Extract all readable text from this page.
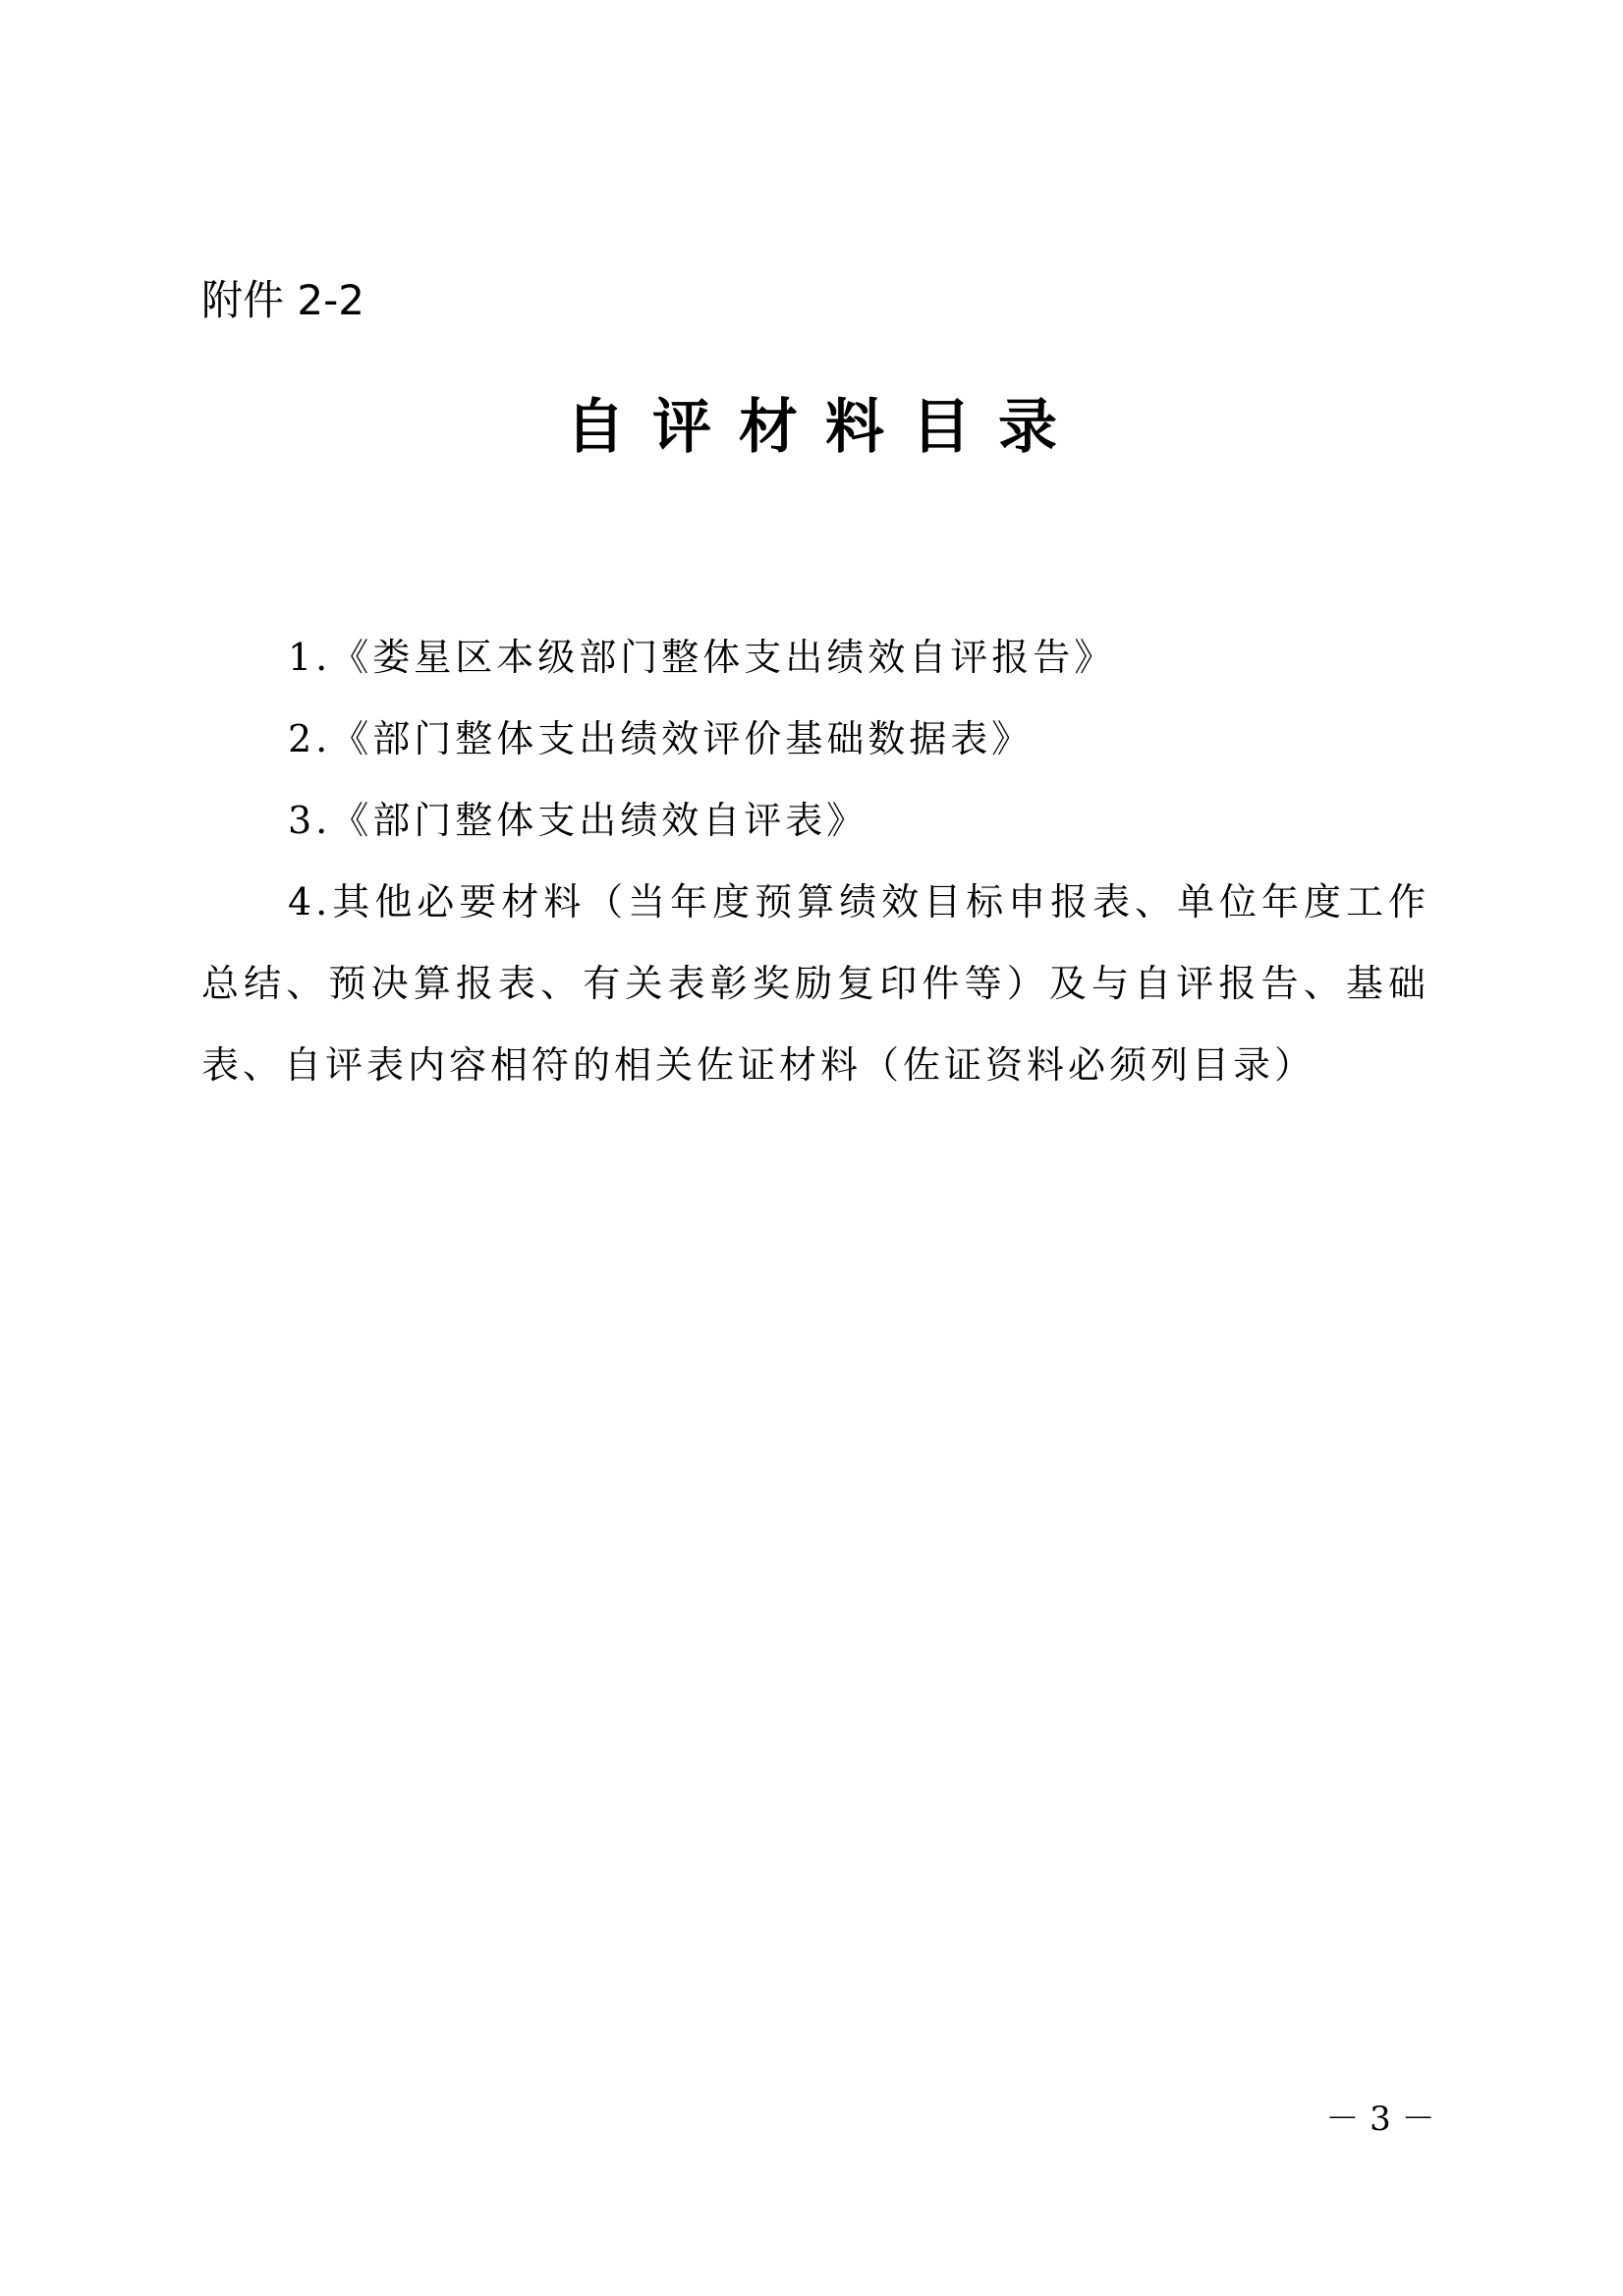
附件 2-2
自评材料目录

1.《娄星区本级部门整体支出绩效自评报告》

2.《部门整体支出绩效评价基础数据表》

3.《部门整体支出绩效自评表》

4.其他必要材料（当年度预算绩效目标申报表、单位年度工作总结、预决算报表、有关表彰奖励复印件等）及与自评报告、基础表、自评表内容相符的相关佐证材料（佐证资料必须列目录）

－ 3 －
